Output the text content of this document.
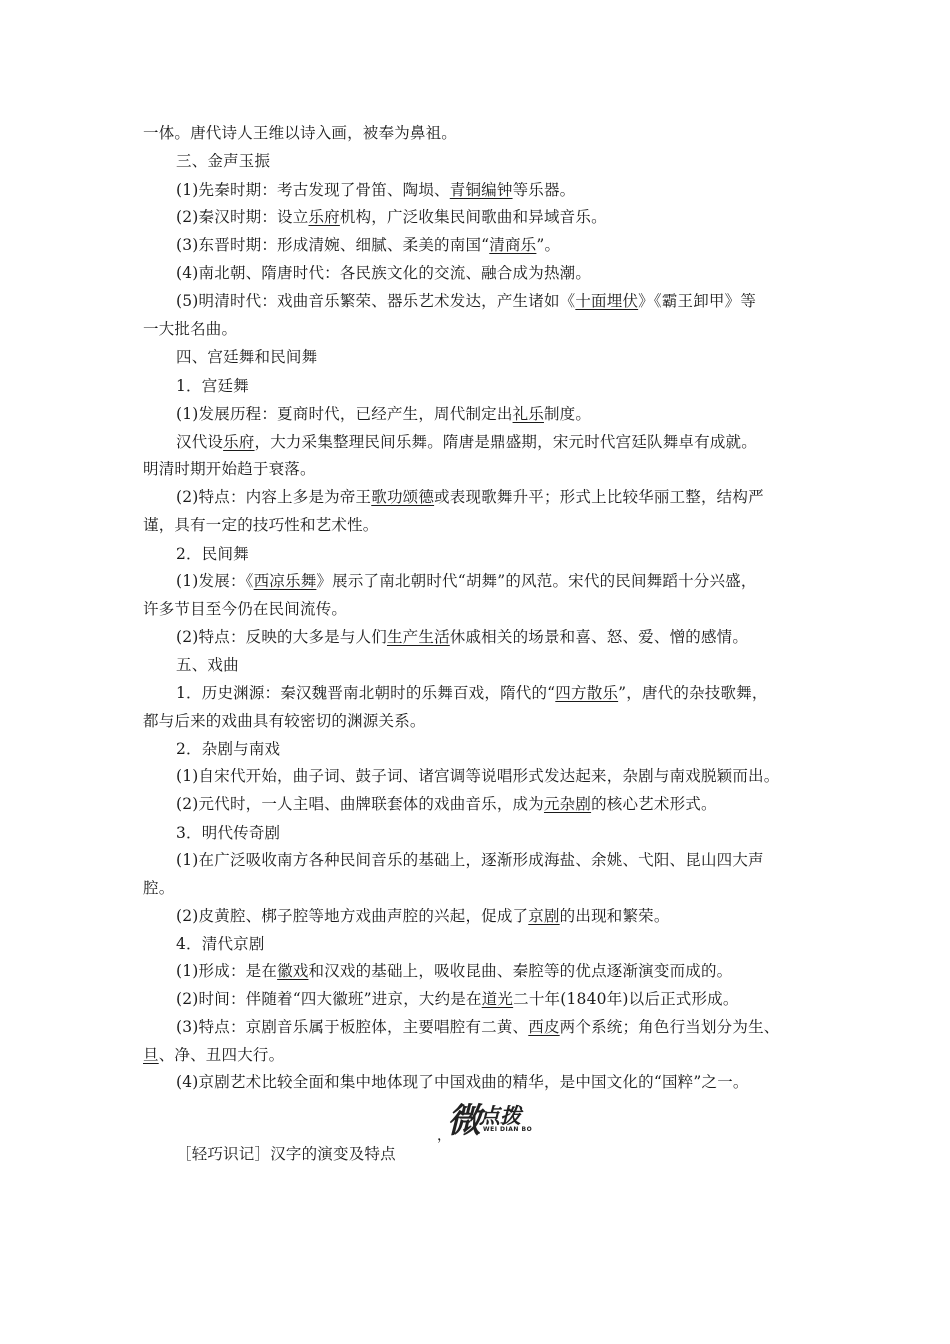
一体。唐代诗人王维以诗入画，被奉为鼻祖。
三、金声玉振
(1)先秦时期：考古发现了骨笛、陶埙、青铜编钟等乐器。
(2)秦汉时期：设立乐府机构，广泛收集民间歌曲和异域音乐。
(3)东晋时期：形成清婉、细腻、柔美的南国“清商乐”。
(4)南北朝、隋唐时代：各民族文化的交流、融合成为热潮。
(5)明清时代：戏曲音乐繁荣、器乐艺术发达，产生诸如《十面埋伏》《霸王卸甲》等
一大批名曲。
四、宫廷舞和民间舞
1．宫廷舞
(1)发展历程：夏商时代，已经产生，周代制定出礼乐制度。
汉代设乐府，大力采集整理民间乐舞。隋唐是鼎盛期，宋元时代宫廷队舞卓有成就。
明清时期开始趋于衰落。
(2)特点：内容上多是为帝王歌功颂德或表现歌舞升平；形式上比较华丽工整，结构严
谨，具有一定的技巧性和艺术性。
2．民间舞
(1)发展：《西凉乐舞》展示了南北朝时代“胡舞”的风范。宋代的民间舞蹈十分兴盛，
许多节目至今仍在民间流传。
(2)特点：反映的大多是与人们生产生活休戚相关的场景和喜、怒、爱、憎的感情。
五、戏曲
1．历史渊源：秦汉魏晋南北朝时的乐舞百戏，隋代的“四方散乐”，唐代的杂技歌舞，
都与后来的戏曲具有较密切的渊源关系。
2．杂剧与南戏
(1)自宋代开始，曲子词、鼓子词、诸宫调等说唱形式发达起来，杂剧与南戏脱颖而出。
(2)元代时，一人主唱、曲牌联套体的戏曲音乐，成为元杂剧的核心艺术形式。
3．明代传奇剧
(1)在广泛吸收南方各种民间音乐的基础上，逐渐形成海盐、余姚、弋阳、昆山四大声
腔。
(2)皮黄腔、梆子腔等地方戏曲声腔的兴起，促成了京剧的出现和繁荣。
4．清代京剧
(1)形成：是在徽戏和汉戏的基础上，吸收昆曲、秦腔等的优点逐渐演变而成的。
(2)时间：伴随着“四大徽班”进京，大约是在道光二十年(1840年)以后正式形成。
(3)特点：京剧音乐属于板腔体，主要唱腔有二黄、西皮两个系统；角色行当划分为生、
旦、净、丑四大行。
(4)京剧艺术比较全面和集中地体现了中国戏曲的精华，是中国文化的“国粹”之一。
微 点拨
WEI DIAN BO
，
［轻巧识记］汉字的演变及特点
